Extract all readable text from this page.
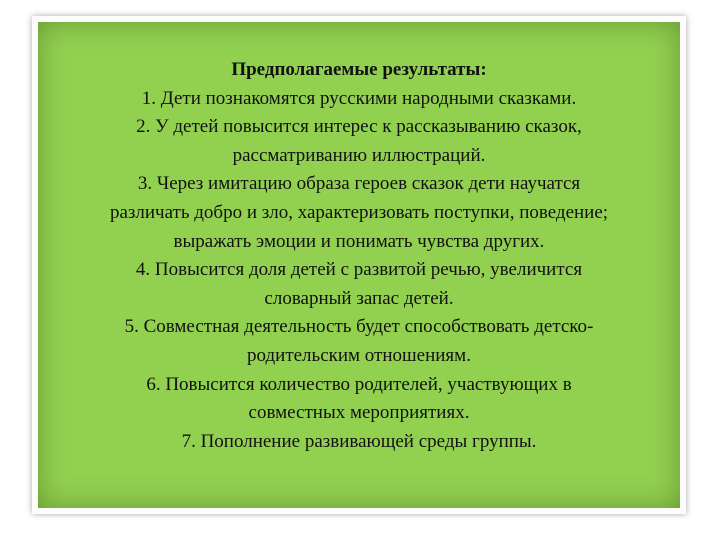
Предполагаемые результаты:
1. Дети познакомятся русскими народными сказками.
2. У детей повысится интерес к рассказыванию сказок,
рассматриванию иллюстраций.
3. Через имитацию образа героев сказок дети научатся
различать добро и зло, характеризовать поступки, поведение;
выражать эмоции и понимать чувства других.
4. Повысится доля детей с развитой речью, увеличится
словарный запас детей.
5. Совместная деятельность будет способствовать детско-
родительским отношениям.
6. Повысится количество родителей, участвующих в
совместных мероприятиях.
7. Пополнение развивающей среды группы.
